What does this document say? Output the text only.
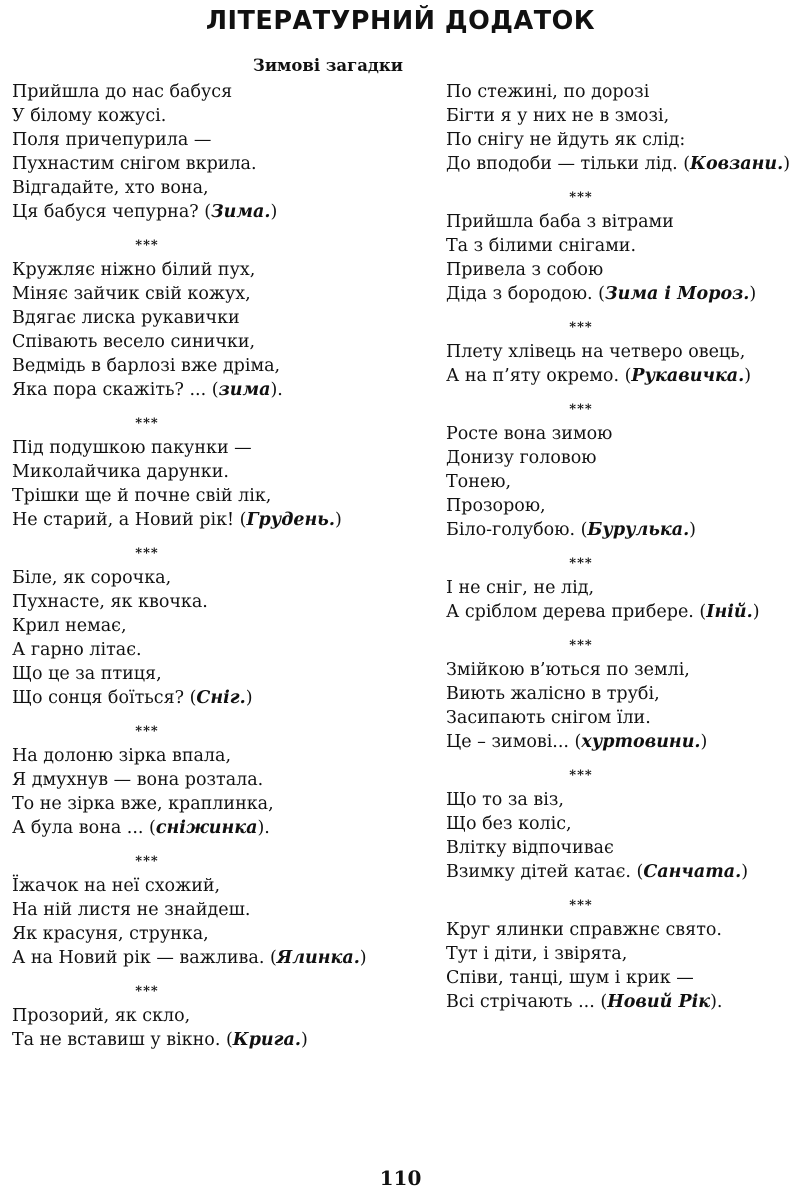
ЛІТЕРАТУРНИЙ ДОДАТОК
Зимові загадки
Прийшла до нас бабуся
У білому кожусі.
Поля причепурила —
Пухнастим снігом вкрила.
Відгадайте, хто вона,
Ця бабуся чепурна? (Зима.)
***
Кружляє ніжно білий пух,
Міняє зайчик свій кожух,
Вдягає лиска рукавички
Співають весело синички,
Ведмідь в барлозі вже дріма,
Яка пора скажіть? ... (зима).
***
Під подушкою пакунки —
Миколайчика дарунки.
Трішки ще й почне свій лік,
Не старий, а Новий рік! (Грудень.)
***
Біле, як сорочка,
Пухнасте, як квочка.
Крил немає,
А гарно літає.
Що це за птиця,
Що сонця боїться? (Сніг.)
***
На долоню зірка впала,
Я дмухнув — вона розтала.
То не зірка вже, краплинка,
А була вона ... (сніжинка).
***
Їжачок на неї схожий,
На ній листя не знайдеш.
Як красуня, струнка,
А на Новий рік — важлива. (Ялинка.)
***
Прозорий, як скло,
Та не вставиш у вікно. (Крига.)
По стежині, по дорозі
Бігти я у них не в змозі,
По снігу не йдуть як слід:
До вподоби — тільки лід. (Ковзани.)
***
Прийшла баба з вітрами
Та з білими снігами.
Привела з собою
Діда з бородою. (Зима і Мороз.)
***
Плету хлівець на четверо овець,
А на п’яту окремо. (Рукавичка.)
***
Росте вона зимою
Донизу головою
Тонею,
Прозорою,
Біло-голубою. (Бурулька.)
***
І не сніг, не лід,
А сріблом дерева прибере. (Іній.)
***
Змійкою в’ються по землі,
Виють жалісно в трубі,
Засипають снігом їли.
Це – зимові... (хуртовини.)
***
Що то за віз,
Що без коліс,
Влітку відпочиває
Взимку дітей катає. (Санчата.)
***
Круг ялинки справжнє свято.
Тут і діти, і звірята,
Співи, танці, шум і крик —
Всі стрічають ... (Новий Рік).
110
